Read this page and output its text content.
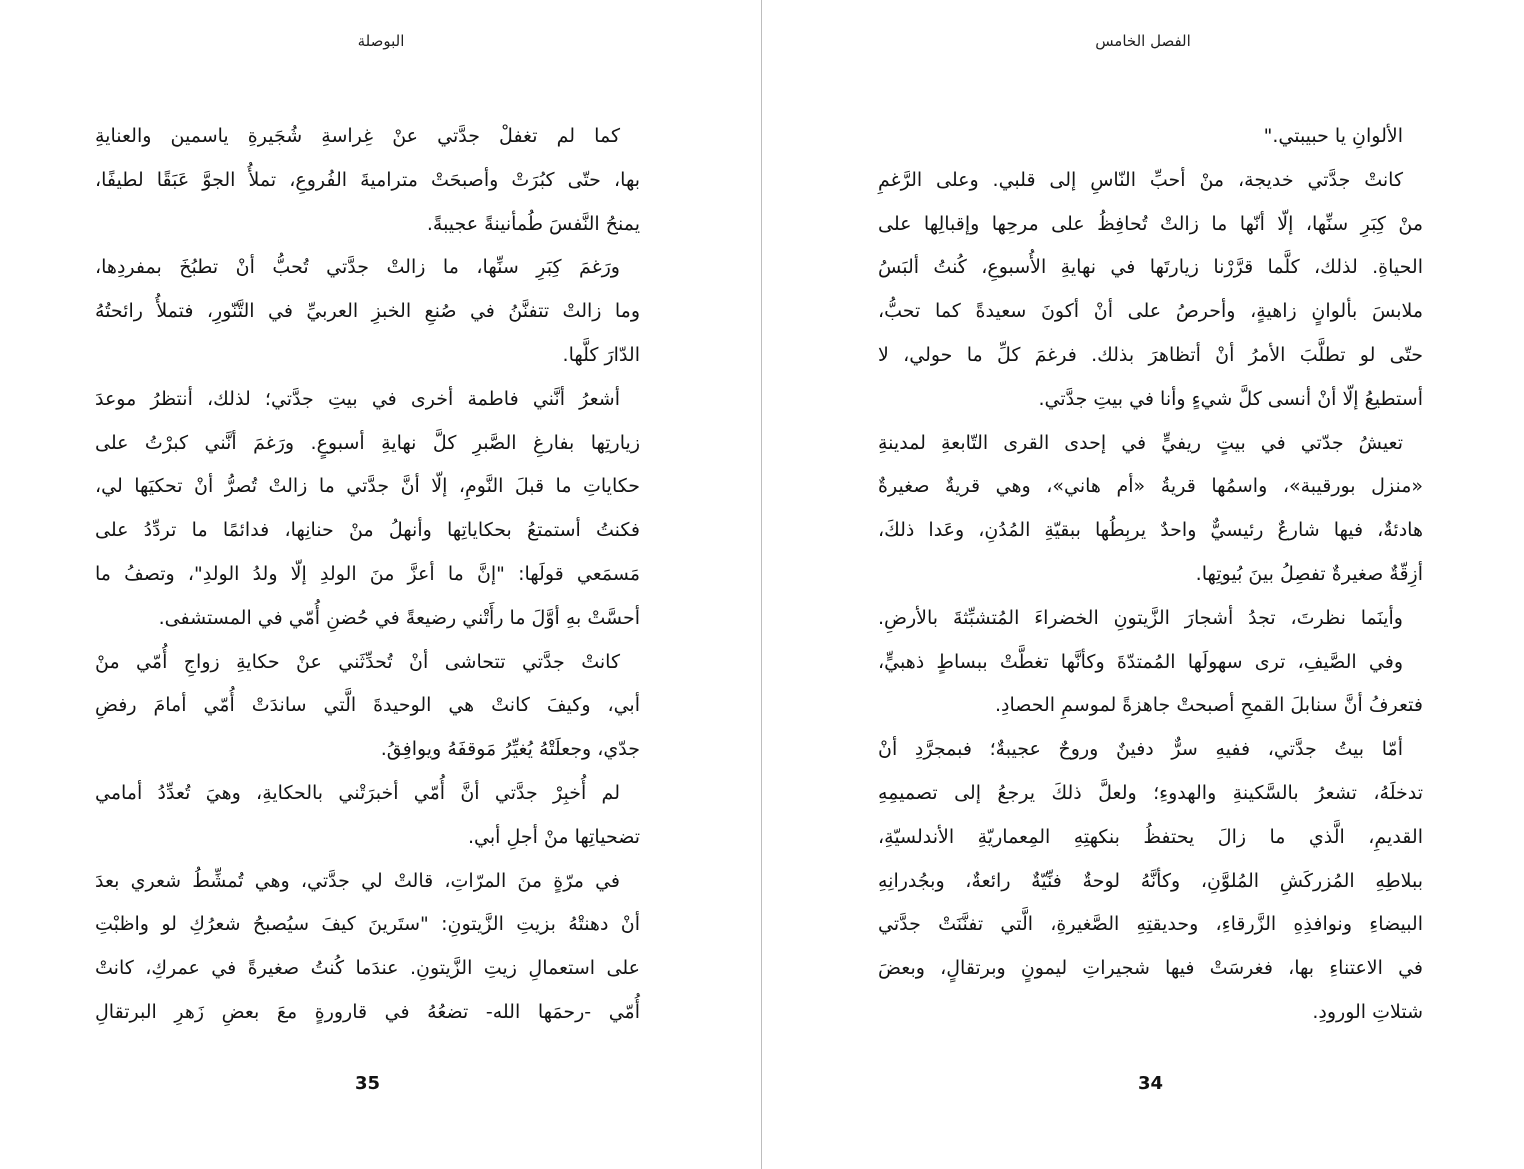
البوصلة
كما لم تغفلْ جدَّتي عنْ غِراسةِ شُجَيرةِ ياسمين والعنايةِ
بها، حتّى كبُرَتْ وأصبحَتْ متراميةَ الفُروعِ، تملأُ الجوَّ عَبَقًا لطيفًا،
يمنحُ النَّفسَ طُمأنينةً عجيبةً.
ورَغمَ كِبَرِ سنِّها، ما زالتْ جدَّتي تُحبُّ أنْ تطبُخَ بمفردِها،
وما زالتْ تتفنَّنُ في صُنعِ الخبزِ العربيِّ في التَّنّورِ، فتملأُ رائحتُهُ
الدّارَ كلَّها.
أشعرُ أنَّني فاطمة أخرى في بيتِ جدَّتي؛ لذلك، أنتظرُ موعدَ
زيارتِها بفارغِ الصَّبرِ كلَّ نهايةِ أسبوعٍ. ورَغمَ أنَّني كبرْتُ على
حكاياتِ ما قبلَ النَّومِ، إلّا أنَّ جدَّتي ما زالتْ تُصرُّ أنْ تحكيَها لي،
فكنتُ أستمتعُ بحكاياتِها وأنهلُ منْ حنانِها، فدائمًا ما تردِّدُ على
مَسمَعي قولَها: "إنَّ ما أعزَّ منَ الولدِ إلّا ولدُ الولدِ"، وتصفُ ما
أحسَّتْ بهِ أوَّلَ ما رأَتْني رضيعةً في حُضنِ أُمّي في المستشفى.
كانتْ جدَّتي تتحاشى أنْ تُحدِّثَني عنْ حكايةِ زواجِ أُمّي منْ
أبي، وكيفَ كانتْ هي الوحيدةَ الَّتي ساندَتْ أُمّي أمامَ رفضِ
جدّي، وجعلَتْهُ يُغيِّرُ مَوقفَهُ ويوافِقُ.
لم أُخبِرْ جدَّتي أنَّ أُمّي أخبرَتْني بالحكايةِ، وهيَ تُعدِّدُ أمامي
تضحياتِها منْ أجلِ أبي.
في مرّةٍ منَ المرّاتِ، قالتْ لي جدَّتي، وهي تُمشِّطُ شعري بعدَ
أنْ دهنتْهُ بزيتِ الزَّيتونِ: "ستَرينَ كيفَ سيُصبحُ شعرُكِ لو واظبْتِ
على استعمالِ زيتِ الزَّيتونِ. عندَما كُنتُ صغيرةً في عمركِ، كانتْ
أُمّي -رحمَها الله- تضعُهُ في قارورةٍ معَ بعضِ زَهرِ البرتقالِ
35
الفصل الخامس
الألوانِ يا حبيبتي."
كانتْ جدَّتي خديجة، منْ أحبِّ النّاسِ إلى قلبي. وعلى الرَّغمِ
منْ كِبَرِ سنِّها، إلّا أنّها ما زالتْ تُحافِظُ على مرحِها وإقبالِها على
الحياةِ. لذلك، كلَّما قرَّرْنا زيارتَها في نهايةِ الأُسبوعِ، كُنتُ ألبَسُ
ملابسَ بألوانٍ زاهيةٍ، وأحرصُ على أنْ أكونَ سعيدةً كما تحبُّ،
حتّى لو تطلَّبَ الأمرُ أنْ أتظاهرَ بذلك. فرغمَ كلِّ ما حولي، لا
أستطيعُ إلّا أنْ أنسى كلَّ شيءٍ وأنا في بيتِ جدَّتي.
تعيشُ جدّتي في بيتٍ ريفيٍّ في إحدى القرى التّابعةِ لمدينةِ
«منزل بورقيبة»، واسمُها قريةُ «أم هاني»، وهي قريةٌ صغيرةٌ
هادئةٌ، فيها شارعٌ رئيسيٌّ واحدٌ يربِطُها ببقيّةِ المُدُنِ، وعَدا ذلكَ،
أزِقّةٌ صغيرةٌ تفصِلُ بينَ بُيوتِها.
وأينَما نظرتَ، تجدُ أشجارَ الزَّيتونِ الخضراءَ المُتشبِّثةَ بالأرضِ.
وفي الصَّيفِ، ترى سهولَها المُمتدّةَ وكأنَّها تغطَّتْ ببساطٍ ذهبيٍّ،
فتعرفُ أنَّ سنابلَ القمحِ أصبحتْ جاهزةً لموسمِ الحصادِ.
أمّا بيتُ جدَّتي، ففيهِ سرٌّ دفينٌ وروحٌ عجيبةٌ؛ فبمجرَّدِ أنْ
تدخلَهُ، تشعرُ بالسَّكينةِ والهدوءِ؛ ولعلَّ ذلكَ يرجعُ إلى تصميمِهِ
القديمِ، الَّذي ما زالَ يحتفظُ بنكهتِهِ المِعماريّةِ الأندلسيّةِ،
ببلاطِهِ المُزركَشِ المُلوَّنِ، وكأنَّهُ لوحةٌ فنِّيّةٌ رائعةٌ، وبجُدرانِهِ
البيضاءِ ونوافذِهِ الزَّرقاءِ، وحديقتِهِ الصَّغيرةِ، الَّتي تفنَّنَتْ جدَّتي
في الاعتناءِ بها، فغرسَتْ فيها شجيراتِ ليمونٍ وبرتقالٍ، وبعضَ
شتلاتِ الورودِ.
34
